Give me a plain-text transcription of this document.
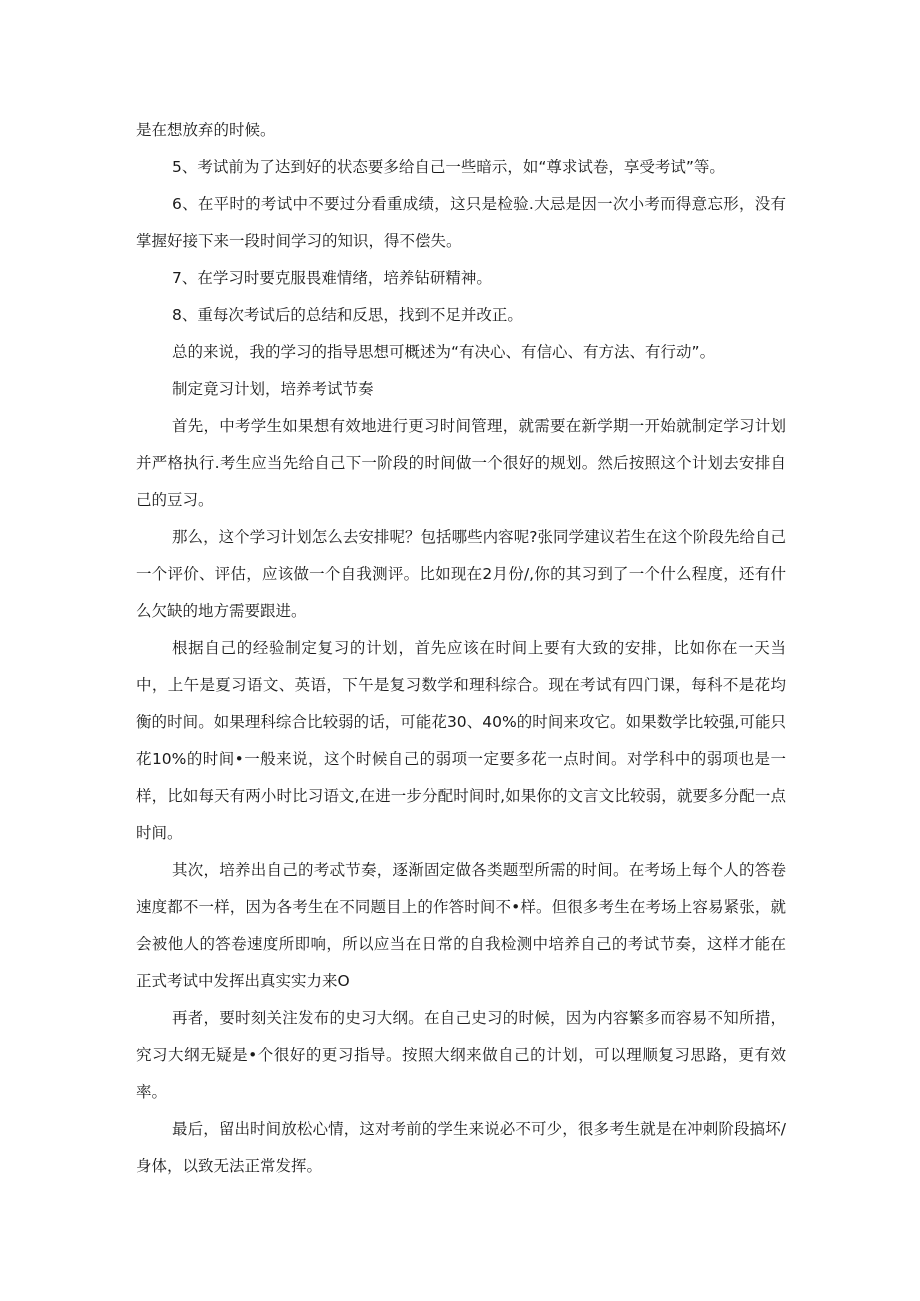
是在想放弃的时候。

5、考试前为了达到好的状态要多给自己一些暗示，如“尊求试卷，享受考试”等。

6、在平时的考试中不要过分看重成绩，这只是检验.大忌是因一次小考而得意忘形，没有掌握好接下来一段时间学习的知识，得不偿失。

7、在学习时要克服畏难情绪，培养钻研精神。

8、重每次考试后的总结和反思，找到不足并改正。

总的来说，我的学习的指导思想可概述为“有决心、有信心、有方法、有行动”。

制定竟习计划，培养考试节奏

首先，中考学生如果想有效地进行更习时间管理，就需要在新学期一开始就制定学习计划并严格执行.考生应当先给自己下一阶段的时间做一个很好的规划。然后按照这个计划去安排自己的豆习。

那么，这个学习计划怎么去安排呢？包括哪些内容呢?张同学建议若生在这个阶段先给自己一个评价、评估，应该做一个自我测评。比如现在2月份/,你的其习到了一个什么程度，还有什么欠缺的地方需要跟进。

根据自己的经验制定复习的计划，首先应该在时间上要有大致的安排，比如你在一天当中，上午是夏习语文、英语，下午是复习数学和理科综合。现在考试有四门课，每科不是花均衡的时间。如果理科综合比较弱的话，可能花30、40%的时间来攻它。如果数学比较强,可能只花10%的时间•一般来说，这个时候自己的弱项一定要多花一点时间。对学科中的弱项也是一样，比如每天有两小时比习语文,在进一步分配时间时,如果你的文言文比较弱，就要多分配一点时间。

其次，培养出自己的考忒节奏，逐渐固定做各类题型所需的时间。在考场上每个人的答卷速度都不一样，因为各考生在不同题目上的作答时间不•样。但很多考生在考场上容易紧张，就会被他人的答卷速度所即响，所以应当在日常的自我检测中培养自己的考试节奏，这样才能在正式考试中发挥出真实实力来O

再者，要时刻关注发布的史习大纲。在自己史习的时候，因为内容繁多而容易不知所措，究习大纲无疑是•个很好的更习指导。按照大纲来做自己的计划，可以理顺复习思路，更有效率。

最后，留出时间放松心情，这对考前的学生来说必不可少，很多考生就是在冲刺阶段搞坏/身体，以致无法正常发挥。
